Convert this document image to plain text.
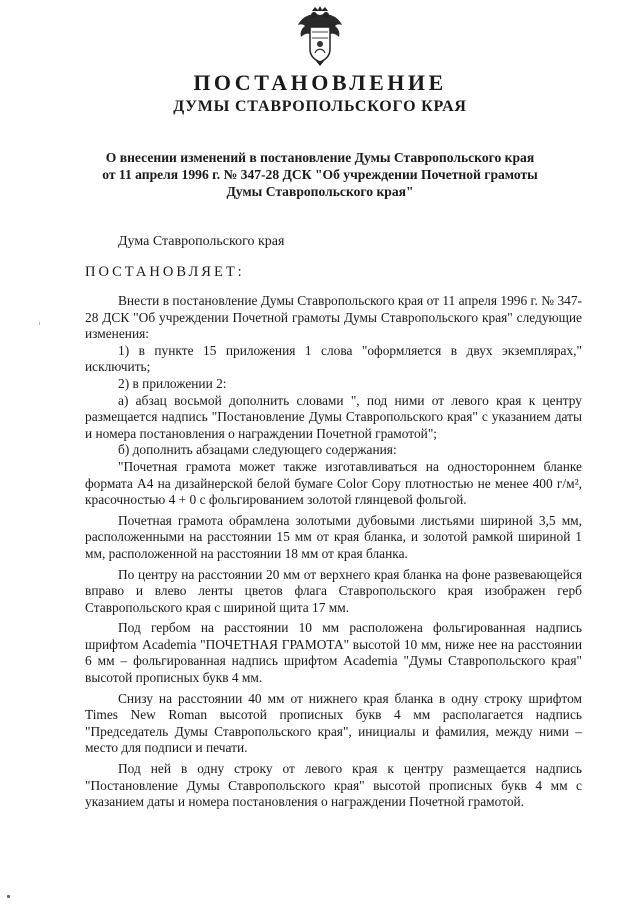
ПОСТАНОВЛЕНИЕ
ДУМЫ СТАВРОПОЛЬСКОГО КРАЯ
О внесении изменений в постановление Думы Ставропольского края
от 11 апреля 1996 г. № 347-28 ДСК "Об учреждении Почетной грамоты
Думы Ставропольского края"
Дума Ставропольского края
ПОСТАНОВЛЯЕТ:

Внести в постановление Думы Ставропольского края от 11 апреля 1996 г. № 347-28 ДСК "Об учреждении Почетной грамоты Думы Ставропольского края" следующие изменения:

1) в пункте 15 приложения 1 слова "оформляется в двух экземплярах," исключить;

2) в приложении 2:

а) абзац восьмой дополнить словами ", под ними от левого края к центру размещается надпись "Постановление Думы Ставропольского края" с указанием даты и номера постановления о награждении Почетной грамотой";

б) дополнить абзацами следующего содержания:

"Почетная грамота может также изготавливаться на одностороннем бланке формата А4 на дизайнерской белой бумаге Color Copy плотностью не менее 400 г/м², красочностью 4 + 0 с фольгированием золотой глянцевой фольгой.

Почетная грамота обрамлена золотыми дубовыми листьями шириной 3,5 мм, расположенными на расстоянии 15 мм от края бланка, и золотой рамкой шириной 1 мм, расположенной на расстоянии 18 мм от края бланка.

По центру на расстоянии 20 мм от верхнего края бланка на фоне развевающейся вправо и влево ленты цветов флага Ставропольского края изображен герб Ставропольского края с шириной щита 17 мм.

Под гербом на расстоянии 10 мм расположена фольгированная надпись шрифтом Academia "ПОЧЕТНАЯ ГРАМОТА" высотой 10 мм, ниже нее на расстоянии 6 мм – фольгированная надпись шрифтом Academia "Думы Ставропольского края" высотой прописных букв 4 мм.

Снизу на расстоянии 40 мм от нижнего края бланка в одну строку шрифтом Times New Roman высотой прописных букв 4 мм располагается надпись "Председатель Думы Ставропольского края", инициалы и фамилия, между ними – место для подписи и печати.

Под ней в одну строку от левого края к центру размещается надпись "Постановление Думы Ставропольского края" высотой прописных букв 4 мм с указанием даты и номера постановления о награждении Почетной грамотой.
